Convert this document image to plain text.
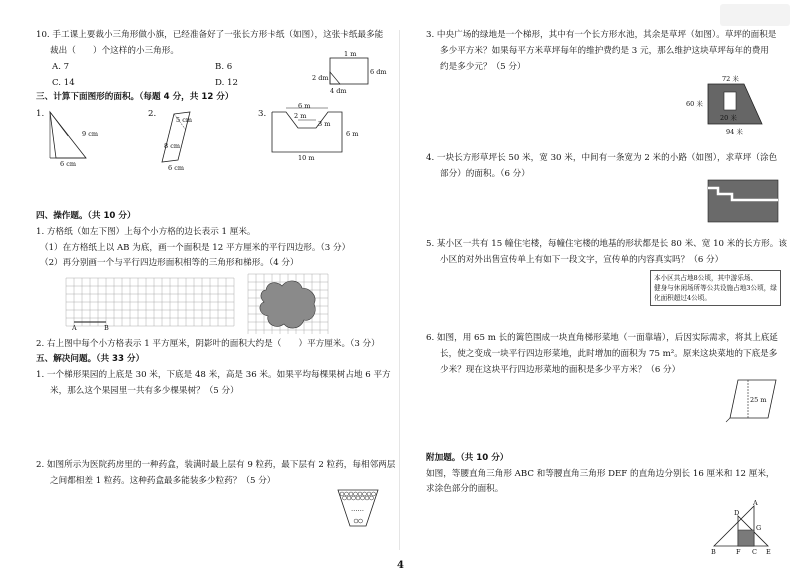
10. 手工课上要裁小三角形做小旗，已经准备好了一张长方形卡纸（如图），这张卡纸最多能
裁出（　　）个这样的小三角形。
A. 7	B. 6
C. 14	D. 12
1 m
6 dm
2 dm
4 dm
三、计算下面图形的面积。（每题 4 分，共 12 分）
1.
9 cm
6 cm
2.
5 cm
8 cm
6 cm
3.
6 m
2 m
3 m
6 m
10 m
四、操作题。（共 10 分）
1. 方格纸（如左下图）上每个小方格的边长表示 1 厘米。
（1）在方格纸上以 AB 为底，画一个面积是 12 平方厘米的平行四边形。（3 分）
（2）再分别画一个与平行四边形面积相等的三角形和梯形。（4 分）
A	B
2. 右上图中每个小方格表示 1 平方厘米，阴影叶的面积大约是（　　）平方厘米。（3 分）
五、解决问题。（共 33 分）
1. 一个梯形果园的上底是 30 米，下底是 48 米，高是 36 米。如果平均每棵果树占地 6 平方
米，那么这个果园里一共有多少棵果树？（5 分）
2. 如图所示为医院药房里的一种药盒，装满时最上层有 9 粒药，最下层有 2 粒药，每相邻两层
之间都相差 1 粒药。这种药盒最多能装多少粒药？（5 分）
……
3. 中央广场的绿地是一个梯形，其中有一个长方形水池，其余是草坪（如图）。草坪的面积是
多少平方米？如果每平方米草坪每年的维护费约是 3 元，那么维护这块草坪每年的费用
约是多少元？（5 分）
72 米
60 米
20 米
94 米
4. 一块长方形草坪长 50 米，宽 30 米，中间有一条宽为 2 米的小路（如图），求草坪（涂色
部分）的面积。（6 分）
5. 某小区一共有 15 幢住宅楼，每幢住宅楼的地基的形状都是长 80 米、宽 10 米的长方形。该
小区的对外出售宣传单上有如下一段文字，宣传单的内容真实吗？（6 分）
本小区共占地8公顷，其中游乐场、
健身与休闲场所等公共设施占地3公顷，绿
化面积超过4公顷。
6. 如图，用 65 m 长的篱笆围成一块直角梯形菜地（一面靠墙），后因实际需求，将其上底延
长，使之变成一块平行四边形菜地，此时增加的面积为 75 m²。原来这块菜地的下底是多
少米？现在这块平行四边形菜地的面积是多少平方米？（6 分）
25 m
附加题。（共 10 分）
如图，等腰直角三角形 ABC 和等腰直角三角形 DEF 的直角边分别长 16 厘米和 12 厘米，
求涂色部分的面积。
A
D
G
B	F C E
4
